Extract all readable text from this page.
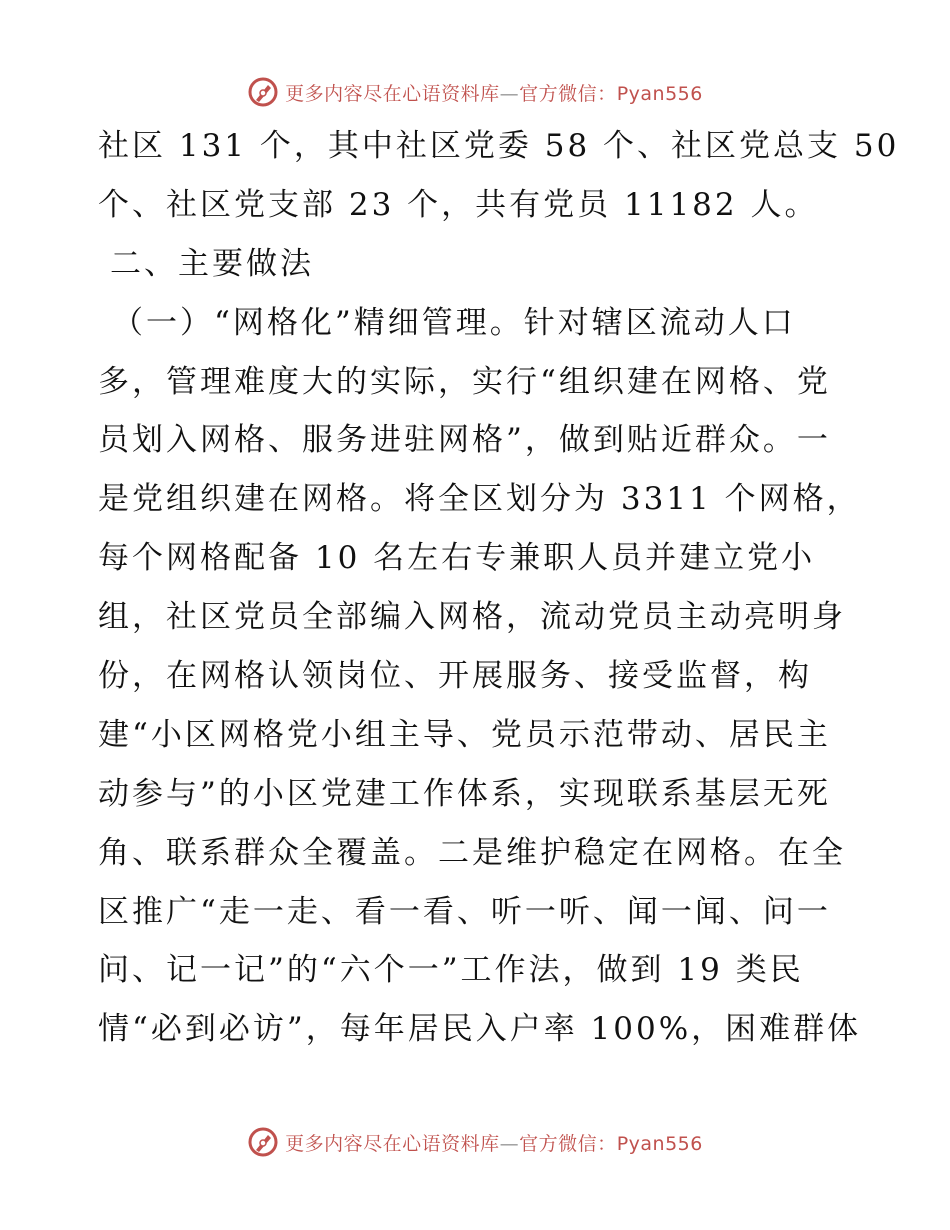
更多内容尽在心语资料库—官方微信：Pyan556
社区 131 个，其中社区党委 58 个、社区党总支 50
个、社区党支部 23 个，共有党员 11182 人。
二、主要做法
（一）“网格化”精细管理。针对辖区流动人口
多，管理难度大的实际，实行“组织建在网格、党
员划入网格、服务进驻网格”，做到贴近群众。一
是党组织建在网格。将全区划分为 3311 个网格，
每个网格配备 10 名左右专兼职人员并建立党小
组，社区党员全部编入网格，流动党员主动亮明身
份，在网格认领岗位、开展服务、接受监督，构
建“小区网格党小组主导、党员示范带动、居民主
动参与”的小区党建工作体系，实现联系基层无死
角、联系群众全覆盖。二是维护稳定在网格。在全
区推广“走一走、看一看、听一听、闻一闻、问一
问、记一记”的“六个一”工作法，做到 19 类民
情“必到必访”，每年居民入户率 100%，困难群体
更多内容尽在心语资料库—官方微信：Pyan556
